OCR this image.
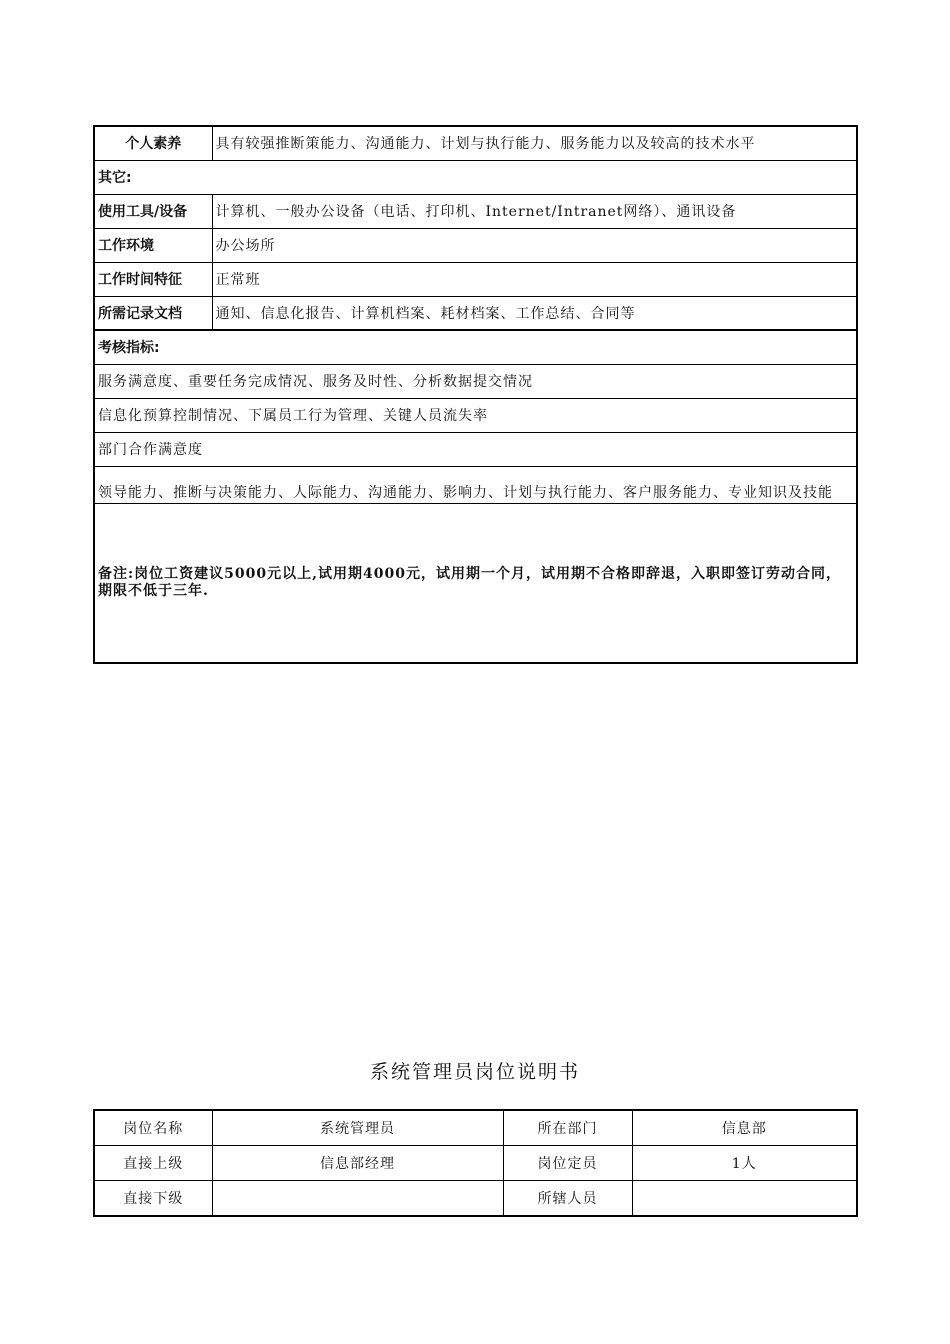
个人素养	具有较强推断策能力、沟通能力、计划与执行能力、服务能力以及较高的技术水平
其它:	
使用工具/设备	计算机、一般办公设备（电话、打印机、Internet/Intranet网络）、通讯设备
工作环境	办公场所
工作时间特征	正常班
所需记录文档	通知、信息化报告、计算机档案、耗材档案、工作总结、合同等
考核指标:	
服务满意度、重要任务完成情况、服务及时性、分析数据提交情况	
信息化预算控制情况、下属员工行为管理、关键人员流失率	
部门合作满意度	
领导能力、推断与决策能力、人际能力、沟通能力、影响力、计划与执行能力、客户服务能力、专业知识及技能	
备注:岗位工资建议5000元以上,试用期4000元，试用期一个月，试用期不合格即辞退，入职即签订劳动合同，期限不低于三年.	
系统管理员岗位说明书
岗位名称	系统管理员	所在部门	信息部
直接上级	信息部经理	岗位定员	1人
直接下级		所辖人员	
